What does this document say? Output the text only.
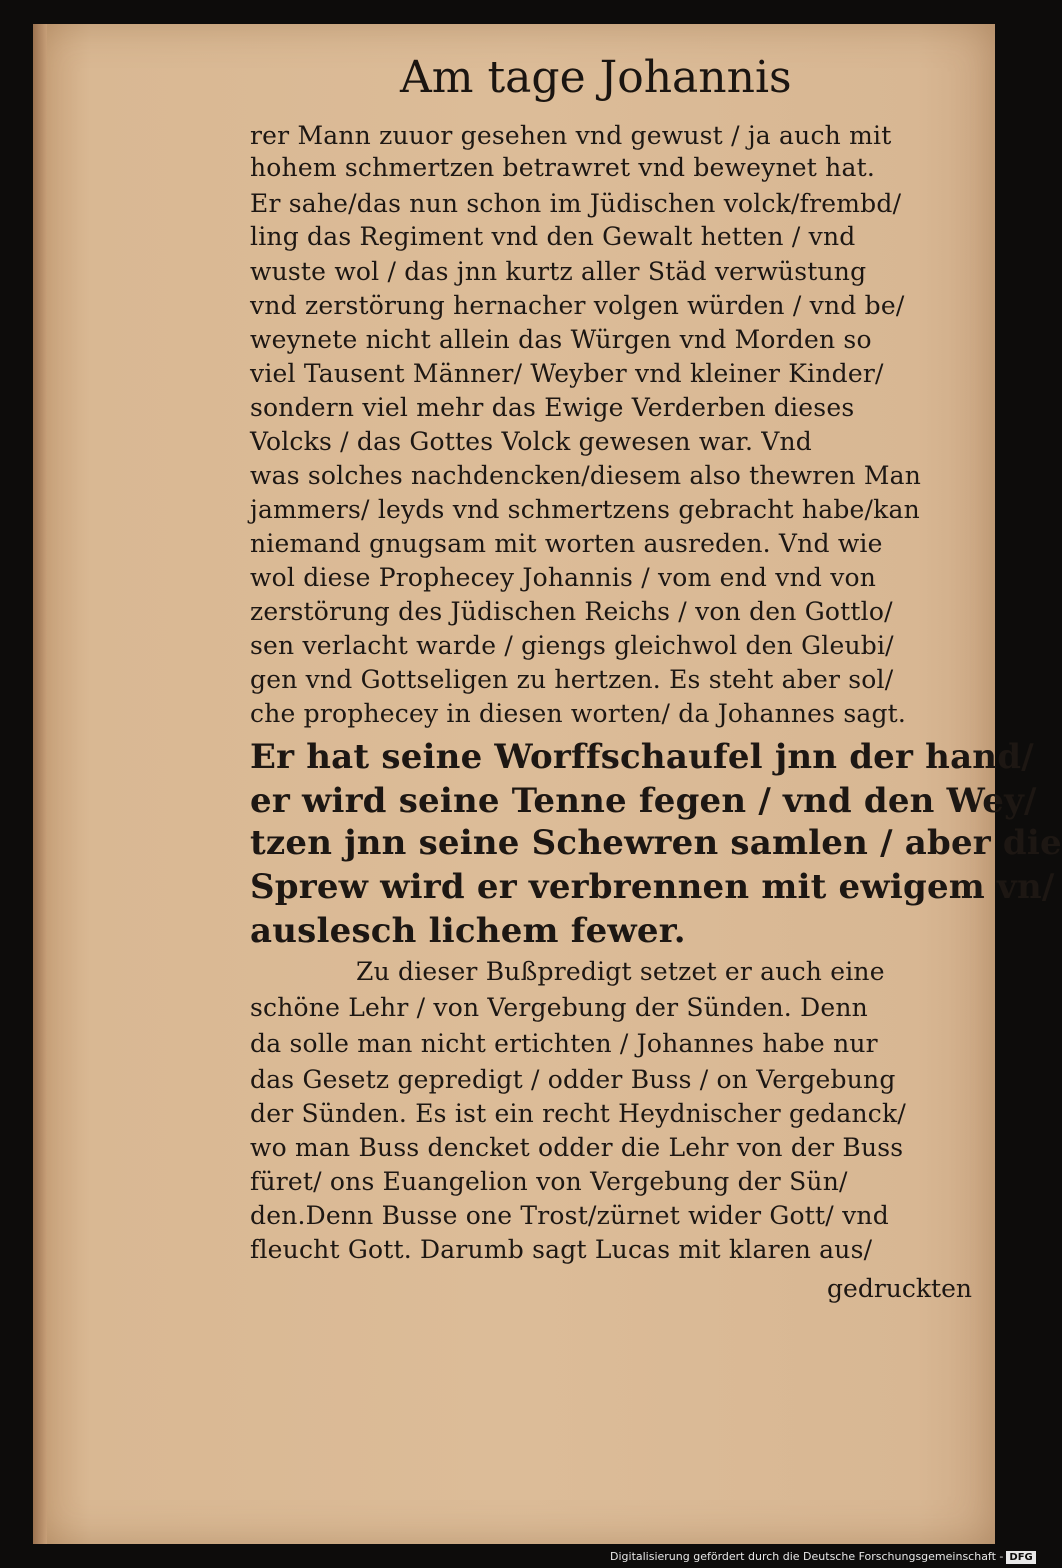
Am tage Johannis
rer Mann zuuor gesehen vnd gewust / ja auch mit
hohem schmertzen betrawret vnd beweynet hat.
Er sahe/das nun schon im Jüdischen volck/frembd/
ling das Regiment vnd den Gewalt hetten / vnd
wuste wol / das jnn kurtz aller Städ verwüstung
vnd zerstörung hernacher volgen würden / vnd be/
weynete nicht allein das Würgen vnd Morden so
viel Tausent Männer/ Weyber vnd kleiner Kinder/
sondern viel mehr das Ewige Verderben dieses
Volcks / das Gottes Volck gewesen war. Vnd
was solches nachdencken/diesem also thewren Man
jammers/ leyds vnd schmertzens gebracht habe/kan
niemand gnugsam mit worten ausreden. Vnd wie
wol diese Prophecey Johannis / vom end vnd von
zerstörung des Jüdischen Reichs / von den Gottlo/
sen verlacht warde / giengs gleichwol den Gleubi/
gen vnd Gottseligen zu hertzen. Es steht aber sol/
che prophecey in diesen worten/ da Johannes sagt.
Er hat seine Worffschaufel jnn der hand/
er wird seine Tenne fegen / vnd den Wey/
tzen jnn seine Schewren samlen / aber die
Sprew wird er verbrennen mit ewigem vn/
auslesch lichem fewer.
Zu dieser Bußpredigt setzet er auch eine
schöne Lehr / von Vergebung der Sünden. Denn
da solle man nicht ertichten / Johannes habe nur
das Gesetz gepredigt / odder Buss / on Vergebung
der Sünden. Es ist ein recht Heydnischer gedanck/
wo man Buss dencket odder die Lehr von der Buss
füret/ ons Euangelion von Vergebung der Sün/
den.Denn Busse one Trost/zürnet wider Gott/ vnd
fleucht Gott. Darumb sagt Lucas mit klaren aus/
gedruckten
Digitalisierung gefördert durch die Deutsche Forschungsgemeinschaft - DFG
